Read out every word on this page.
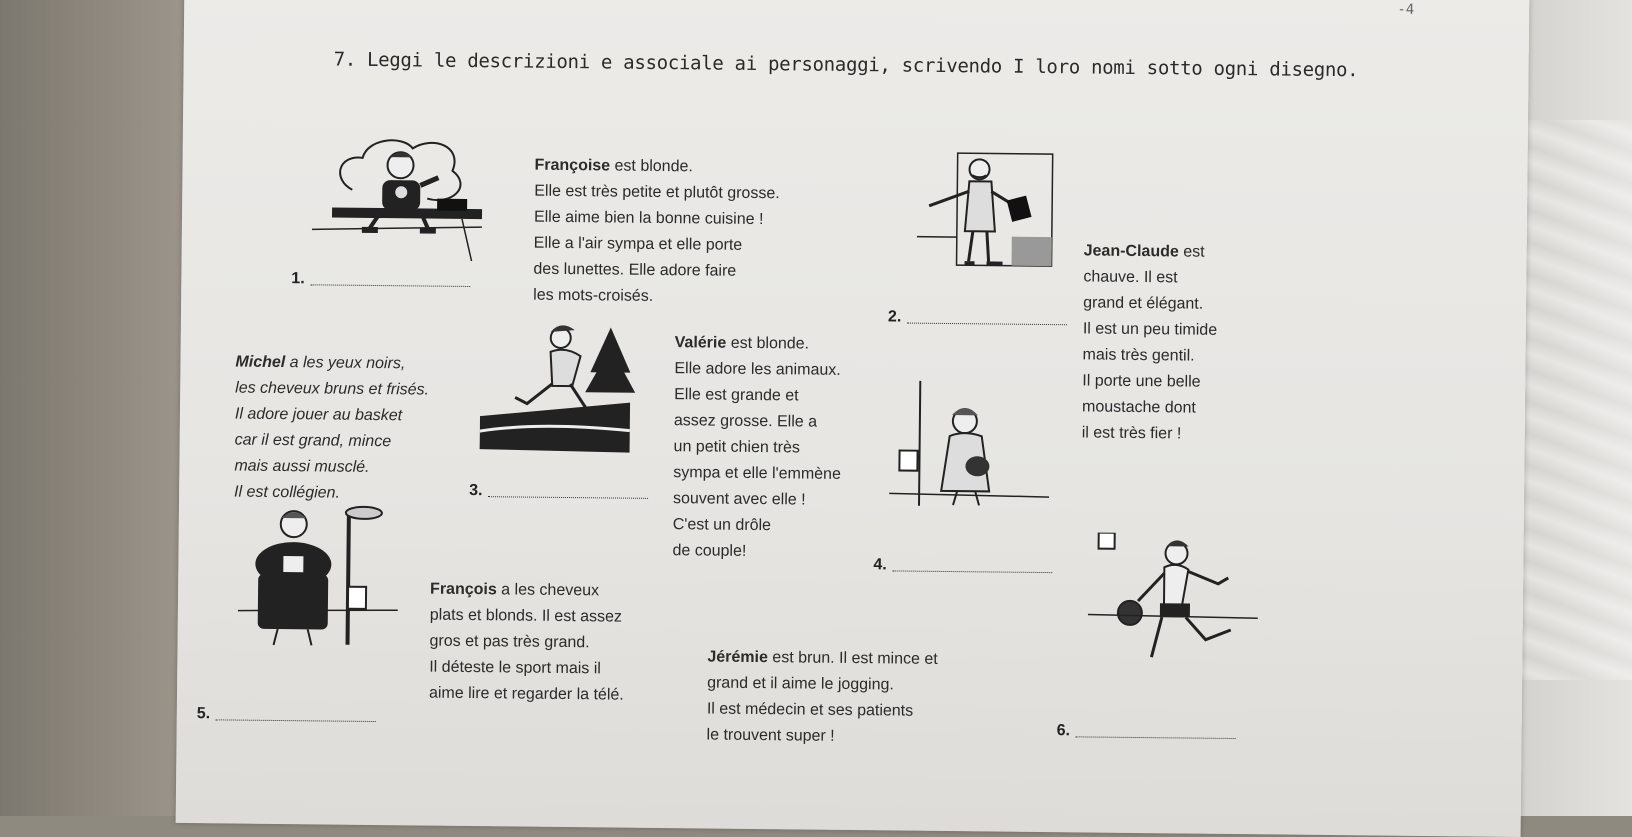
-4
7. Leggi le descrizioni e associale ai personaggi, scrivendo I loro nomi sotto ogni disegno.
1.

Françoise est blonde.
Elle est très petite et plutôt grosse.
Elle aime bien la bonne cuisine !
Elle a l'air sympa et elle porte
des lunettes. Elle adore faire
les mots-croisés.

Jean-Claude est
chauve. Il est
grand et élégant.
Il est un peu timide
mais très gentil.
Il porte une belle
moustache dont
il est très fier !

Valérie est blonde.
Elle adore les animaux.
Elle est grande et
assez grosse. Elle a
un petit chien très
sympa et elle l'emmène
souvent avec elle !
C'est un drôle
de couple!

2.

Michel a les yeux noirs,
les cheveux bruns et frisés.
Il adore jouer au basket
car il est grand, mince
mais aussi musclé.
Il est collégien.	3.

François a les cheveux
plats et blonds. Il est assez
gros et pas très grand.
Il déteste le sport mais il
aime lire et regarder la télé.

4.

Jérémie est brun. Il est mince et
grand et il aime le jogging.
Il est médecin et ses patients
le trouvent super !

5.
6.
